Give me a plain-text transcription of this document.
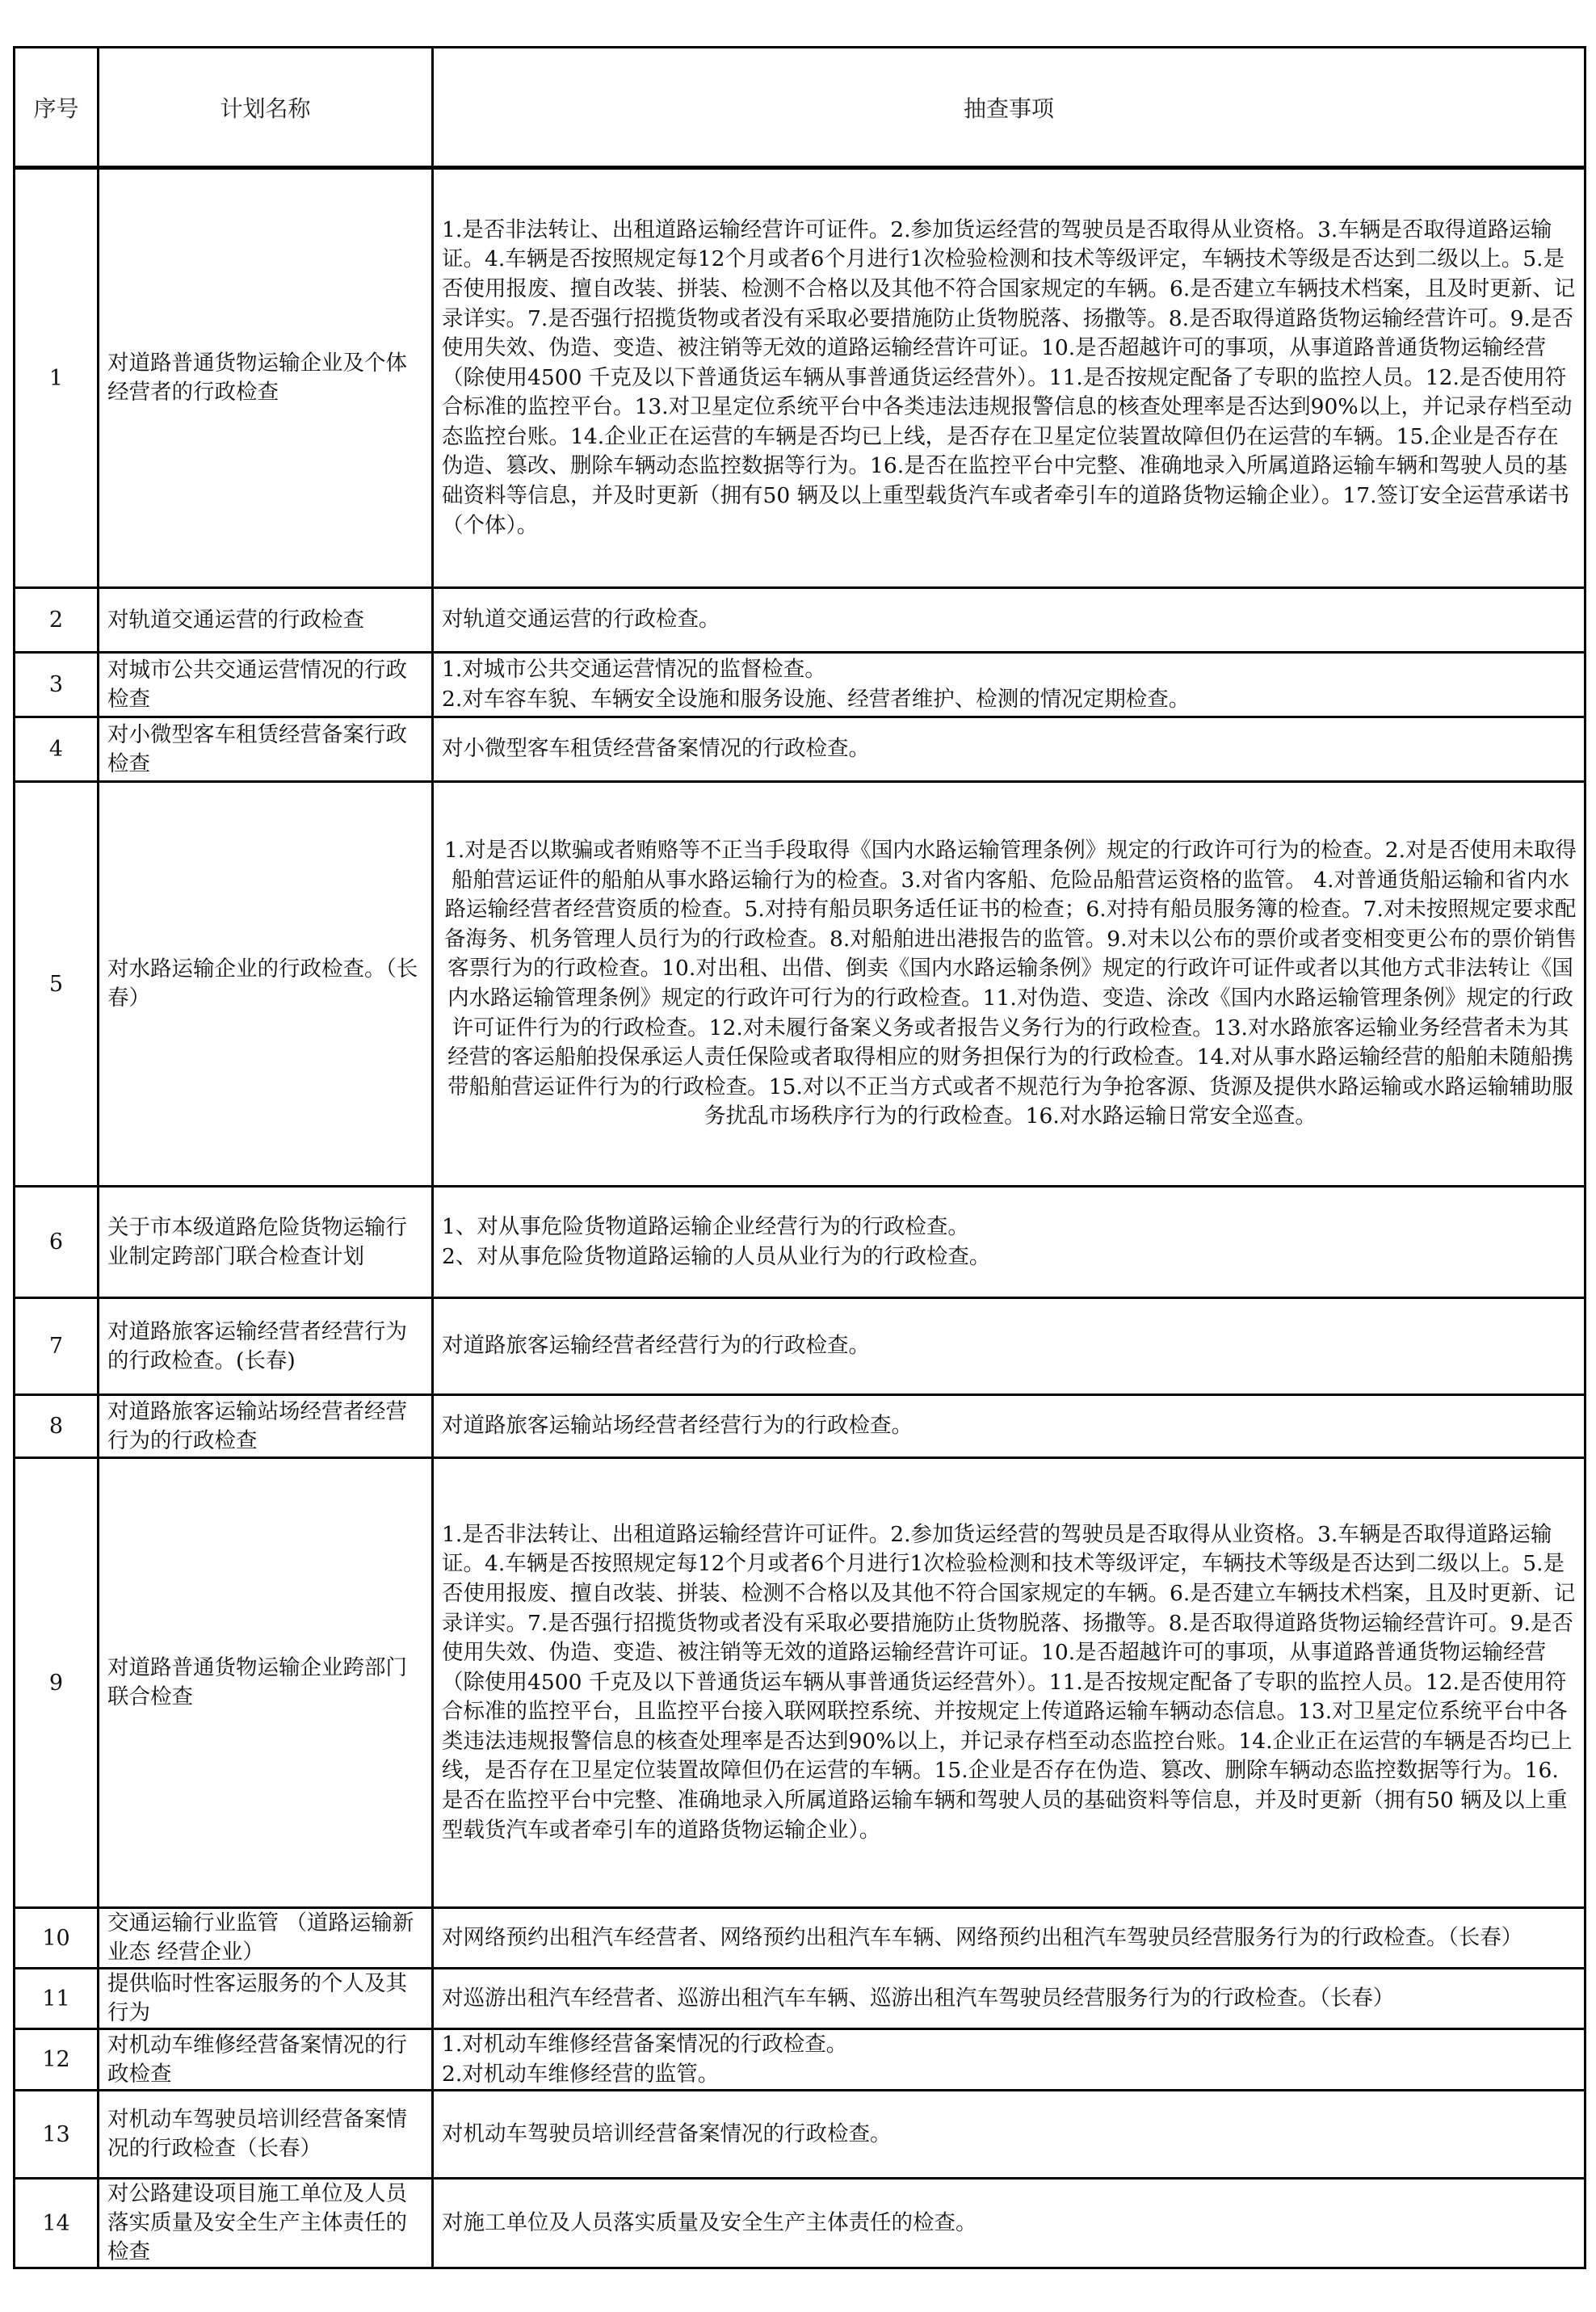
序号	计划名称	抽查事项
1	对道路普通货物运输企业及个体经营者的行政检查	1.是否非法转让、出租道路运输经营许可证件。2.参加货运经营的驾驶员是否取得从业资格。3.车辆是否取得道路运输证。4.车辆是否按照规定每12个月或者6个月进行1次检验检测和技术等级评定，车辆技术等级是否达到二级以上。5.是否使用报废、擅自改装、拼装、检测不合格以及其他不符合国家规定的车辆。6.是否建立车辆技术档案，且及时更新、记录详实。7.是否强行招揽货物或者没有采取必要措施防止货物脱落、扬撒等。8.是否取得道路货物运输经营许可。9.是否使用失效、伪造、变造、被注销等无效的道路运输经营许可证。10.是否超越许可的事项，从事道路普通货物运输经营（除使用4500 千克及以下普通货运车辆从事普通货运经营外）。11.是否按规定配备了专职的监控人员。12.是否使用符合标准的监控平台。13.对卫星定位系统平台中各类违法违规报警信息的核查处理率是否达到90%以上，并记录存档至动态监控台账。14.企业正在运营的车辆是否均已上线，是否存在卫星定位装置故障但仍在运营的车辆。15.企业是否存在伪造、篡改、删除车辆动态监控数据等行为。16.是否在监控平台中完整、准确地录入所属道路运输车辆和驾驶人员的基础资料等信息，并及时更新（拥有50 辆及以上重型载货汽车或者牵引车的道路货物运输企业）。17.签订安全运营承诺书（个体）。

2	对轨道交通运营的行政检查	对轨道交通运营的行政检查。

3	对城市公共交通运营情况的行政检查	1.对城市公共交通运营情况的监督检查。
2.对车容车貌、车辆安全设施和服务设施、经营者维护、检测的情况定期检查。

4	对小微型客车租赁经营备案行政检查	对小微型客车租赁经营备案情况的行政检查。

5	对水路运输企业的行政检查。（长春）	1.对是否以欺骗或者贿赂等不正当手段取得《国内水路运输管理条例》规定的行政许可行为的检查。2.对是否使用未取得船舶营运证件的船舶从事水路运输行为的检查。3.对省内客船、危险品船营运资格的监管。 4.对普通货船运输和省内水路运输经营者经营资质的检查。5.对持有船员职务适任证书的检查；6.对持有船员服务簿的检查。7.对未按照规定要求配备海务、机务管理人员行为的行政检查。8.对船舶进出港报告的监管。9.对未以公布的票价或者变相变更公布的票价销售客票行为的行政检查。10.对出租、出借、倒卖《国内水路运输条例》规定的行政许可证件或者以其他方式非法转让《国内水路运输管理条例》规定的行政许可行为的行政检查。11.对伪造、变造、涂改《国内水路运输管理条例》规定的行政许可证件行为的行政检查。12.对未履行备案义务或者报告义务行为的行政检查。13.对水路旅客运输业务经营者未为其经营的客运船舶投保承运人责任保险或者取得相应的财务担保行为的行政检查。14.对从事水路运输经营的船舶未随船携带船舶营运证件行为的行政检查。15.对以不正当方式或者不规范行为争抢客源、货源及提供水路运输或水路运输辅助服务扰乱市场秩序行为的行政检查。16.对水路运输日常安全巡查。

6	关于市本级道路危险货物运输行业制定跨部门联合检查计划	1、对从事危险货物道路运输企业经营行为的行政检查。
2、对从事危险货物道路运输的人员从业行为的行政检查。

7	对道路旅客运输经营者经营行为的行政检查。(长春)	对道路旅客运输经营者经营行为的行政检查。

8	对道路旅客运输站场经营者经营行为的行政检查	对道路旅客运输站场经营者经营行为的行政检查。

9	对道路普通货物运输企业跨部门联合检查	1.是否非法转让、出租道路运输经营许可证件。2.参加货运经营的驾驶员是否取得从业资格。3.车辆是否取得道路运输证。4.车辆是否按照规定每12个月或者6个月进行1次检验检测和技术等级评定，车辆技术等级是否达到二级以上。5.是否使用报废、擅自改装、拼装、检测不合格以及其他不符合国家规定的车辆。6.是否建立车辆技术档案，且及时更新、记录详实。7.是否强行招揽货物或者没有采取必要措施防止货物脱落、扬撒等。8.是否取得道路货物运输经营许可。9.是否使用失效、伪造、变造、被注销等无效的道路运输经营许可证。10.是否超越许可的事项，从事道路普通货物运输经营（除使用4500 千克及以下普通货运车辆从事普通货运经营外）。11.是否按规定配备了专职的监控人员。12.是否使用符合标准的监控平台，且监控平台接入联网联控系统、并按规定上传道路运输车辆动态信息。13.对卫星定位系统平台中各类违法违规报警信息的核查处理率是否达到90%以上，并记录存档至动态监控台账。14.企业正在运营的车辆是否均已上线，是否存在卫星定位装置故障但仍在运营的车辆。15.企业是否存在伪造、篡改、删除车辆动态监控数据等行为。16.是否在监控平台中完整、准确地录入所属道路运输车辆和驾驶人员的基础资料等信息，并及时更新（拥有50 辆及以上重型载货汽车或者牵引车的道路货物运输企业）。

10	交通运输行业监管 （道路运输新业态 经营企业）	对网络预约出租汽车经营者、网络预约出租汽车车辆、网络预约出租汽车驾驶员经营服务行为的行政检查。（长春）

11	提供临时性客运服务的个人及其行为	对巡游出租汽车经营者、巡游出租汽车车辆、巡游出租汽车驾驶员经营服务行为的行政检查。（长春）

12	对机动车维修经营备案情况的行政检查	1.对机动车维修经营备案情况的行政检查。
2.对机动车维修经营的监管。

13	对机动车驾驶员培训经营备案情况的行政检查（长春）	对机动车驾驶员培训经营备案情况的行政检查。

14	对公路建设项目施工单位及人员落实质量及安全生产主体责任的检查	对施工单位及人员落实质量及安全生产主体责任的检查。
